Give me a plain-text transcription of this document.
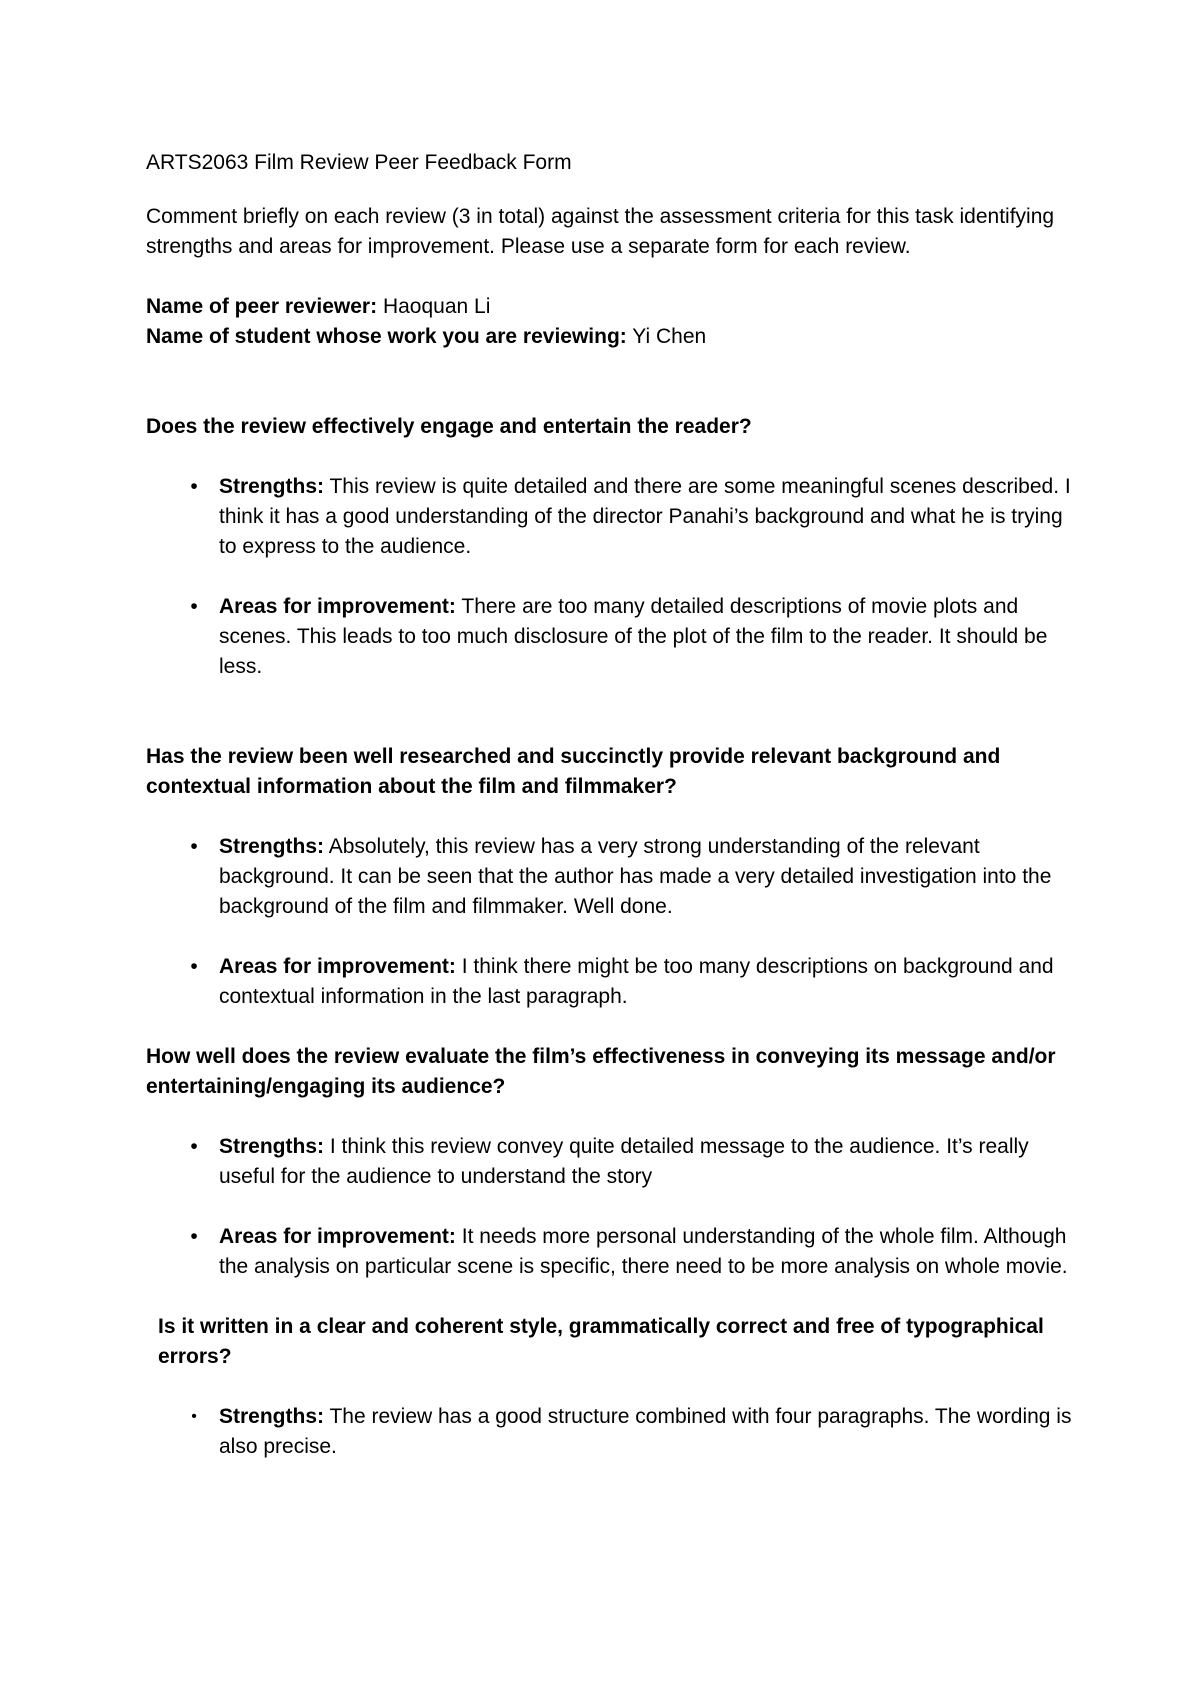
ARTS2063 Film Review Peer Feedback Form

Comment briefly on each review (3 in total) against the assessment criteria for this task identifying strengths and areas for improvement. Please use a separate form for each review.

Name of peer reviewer: Haoquan Li

Name of student whose work you are reviewing: Yi Chen

Does the review effectively engage and entertain the reader?

•	Strengths: This review is quite detailed and there are some meaningful scenes described. I think it has a good understanding of the director Panahi’s background and what he is trying to express to the audience.
•	Areas for improvement: There are too many detailed descriptions of movie plots and scenes. This leads to too much disclosure of the plot of the film to the reader. It should be less.

Has the review been well researched and succinctly provide relevant background and contextual information about the film and filmmaker?

•	Strengths: Absolutely, this review has a very strong understanding of the relevant background. It can be seen that the author has made a very detailed investigation into the background of the film and filmmaker. Well done.
•	Areas for improvement: I think there might be too many descriptions on background and contextual information in the last paragraph.

How well does the review evaluate the film’s effectiveness in conveying its message and/or entertaining/engaging its audience?

•	Strengths: I think this review convey quite detailed message to the audience. It’s really useful for the audience to understand the story
•	Areas for improvement: It needs more personal understanding of the whole film. Although the analysis on particular scene is specific, there need to be more analysis on whole movie.

Is it written in a clear and coherent style, grammatically correct and free of typographical errors?

•	Strengths: The review has a good structure combined with four paragraphs. The wording is also precise.
